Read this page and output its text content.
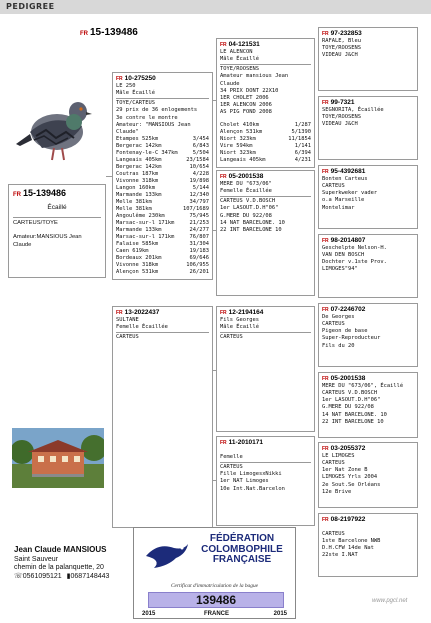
PEDIGREE
FR 15-139486
FR 15-139486
Écaillé
CARTEUS/TOYE
Amateur:MANSIOUS Jean Claude
FR 10-275250
LE 250
Mâle Écaillé
TOYE/CARTEUS
29 prix de 36 enlogements
3e contre le montre
Amateur: "MANSIOUS Jean
Claude"
Etampes 525km	3/454
Bergerac 142km	6/843
Fontenay-le-C 347km	5/504
Langeais 405km	23/1584
Bergerac 142km	10/654
Coutras 187km	4/228
Vivonne 318km	19/898
Langon 160km	5/144
Marmande 133km	12/340
Melle 381km	34/797
Melle 381km	107/1689
Angoulême 230km	75/945
Marsac-sur-l 171km	21/253
Marmande 133km	24/277
Marsac-sur-l 171km	76/807
Falaise 585km	31/304
Caen 619km	19/183
Bordeaux 201km	69/646
Vivonne 318km	106/955
Alençon 531km	26/201
FR 13-2022437
SULTANE
Femelle Écaillée
CARTEUS
FR 04-121531
LE ALENCON
Mâle Écaillé
TOYE/ROOSENS
Amateur mansious Jean
Claude
34 PRIX DONT 22X10
1ER CHOLET 2006
1ER ALENCON 2006
AS PIG FOND 2008
Cholet 410km	1/287
Alençon 531km	5/1390
Niort 323km	11/1854
Vire 594km	1/141
Niort 323km	6/394
Langeais 405km	4/231
FR 05-2001538
MERE DU "673/06"
Femelle Écaillée
CARTEUS V.D.BOSCH
1er LASOUT.D.H"06"
G.MERE DU 922/08
14 NAT BARCELONE. 10
22 INT BARCELONE 10
FR 12-2194164
Fils Georges
Mâle Écaillé
CARTEUS
FR 11-2010171
Femelle
CARTEUS
Fille LimogesxNikki
1er NAT Limoges
10e Int.Nat.Barcelon
FR 97-232853
RAFALE, Bleu
TOYE/ROOSENS
VIDEAU J&CH
FR 99-7321
SEGNORITA, Écaillée
TOYE/ROOSENS
VIDEAU J&CH
FR 95-4392681
Bonten Carteus
CARTEUS
Superkweker vader
o.a Marseille
Montelimar
FR 98-2014807
Geschelpte Nelson-H.
VAN DEN BOSCH
Dochter v.1ste Prov.
LIMOGES"94"
FR 07-2246702
De Georges
CARTEUS
Pigeon de base
Super-Reproducteur
Fils du 20
FR 05-2001538
MERE DU "673/06", Écaillé
CARTEUS V.D.BOSCH
1er LASOUT.D.H"06"
G.MERE DU 922/08
14 NAT BARCELONE. 10
22 INT BARCELONE 10
FR 03-2055372
LE LIMOGES
CARTEUS
1er Nat Zone B
LIMOGES Yrls 2004
2e Sout.Se Orléans
12e Brive
FR 08-2197922
CARTEUS
1ste Barcelone NWB
D.H.CFW 14de Nat
22ste I.NAT
Jean Claude MANSIOUS
Saint Sauveur
chemin de la palanquette, 20
☏0561095121 ▮0687148443
FÉDÉRATION
COLOMBOPHILE
FRANÇAISE
Certificat d'immatriculation de la bague
139486
2015	FRANCE	2015
www.pgcl.net
